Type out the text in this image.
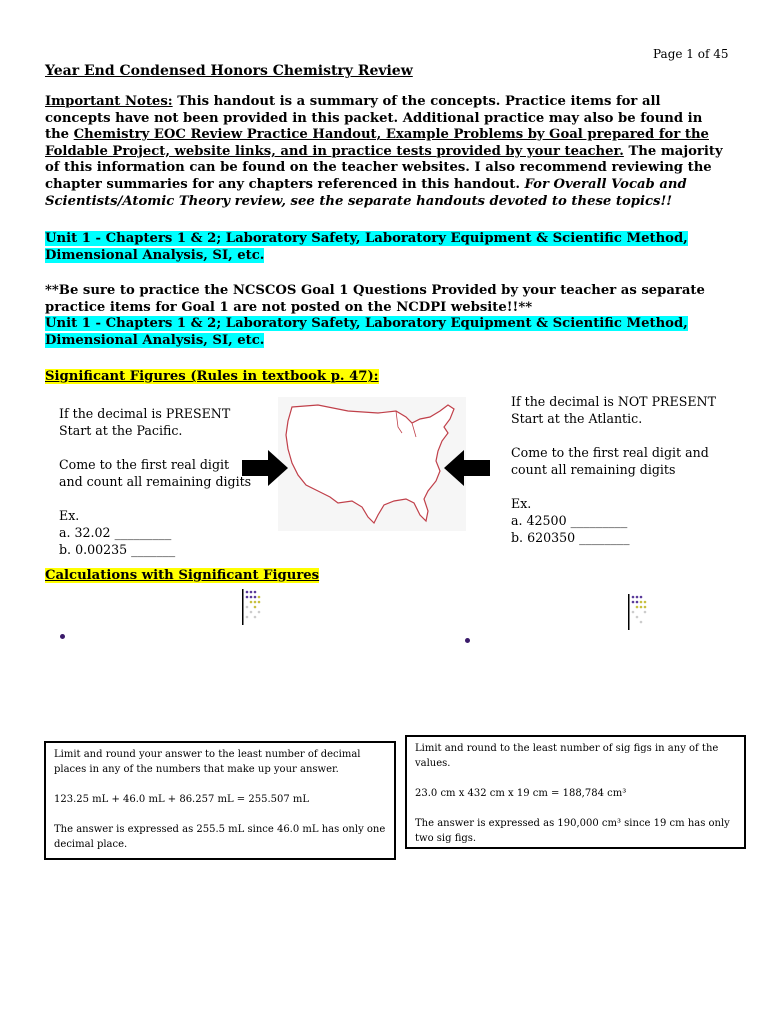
Page 1 of 45
Year End Condensed Honors Chemistry Review
Important Notes: This handout is a summary of the concepts. Practice items for all concepts have not been provided in this packet. Additional practice may also be found in the Chemistry EOC Review Practice Handout, Example Problems by Goal prepared for the Foldable Project, website links, and in practice tests provided by your teacher. The majority of this information can be found on the teacher websites. I also recommend reviewing the chapter summaries for any chapters referenced in this handout. For Overall Vocab and Scientists/Atomic Theory review, see the separate handouts devoted to these topics!!
Unit 1 - Chapters 1 & 2; Laboratory Safety, Laboratory Equipment & Scientific Method, Dimensional Analysis, SI, etc.
**Be sure to practice the NCSCOS Goal 1 Questions Provided by your teacher as separate practice items for Goal 1 are not posted on the NCDPI website!!**
Unit 1 - Chapters 1 & 2; Laboratory Safety, Laboratory Equipment & Scientific Method, Dimensional Analysis, SI, etc.
Significant Figures (Rules in textbook p. 47):

If the decimal is PRESENT

Start at the Pacific.

Come to the first real digit

and count all remaining digits

Ex.

a. 32.02 _________

b. 0.00235 _______

If the decimal is NOT PRESENT

Start at the Atlantic.

Come to the first real digit and

count all remaining digits

Ex.

a. 42500 _________

b. 620350 ________

Calculations with Significant Figures

Limit and round your answer to the least number of decimal places in any of the numbers that make up your answer.

123.25 mL + 46.0 mL + 86.257 mL = 255.507 mL

The answer is expressed as 255.5 mL since 46.0 mL has only one decimal place.

Limit and round to the least number of sig figs in any of the values.

23.0 cm x 432 cm x 19 cm = 188,784 cm³

The answer is expressed as 190,000 cm³ since 19 cm has only two sig figs.
